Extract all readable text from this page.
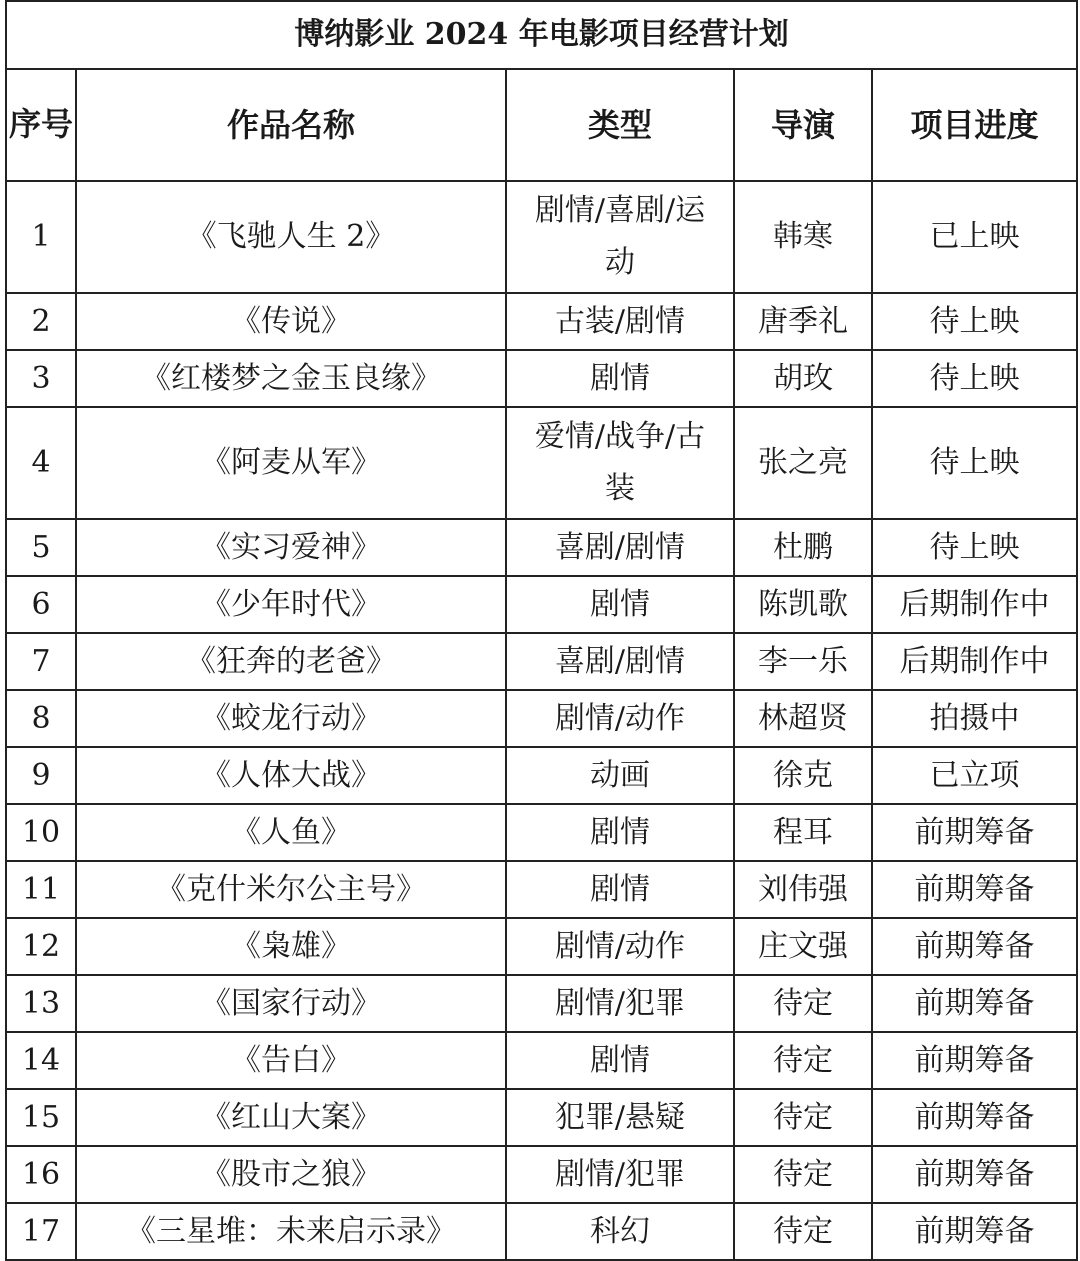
博纳影业 2024 年电影项目经营计划				
序号	作品名称	类型	导演	项目进度
1	《飞驰人生 2》	剧情/喜剧/运动	韩寒	已上映
2	《传说》	古装/剧情	唐季礼	待上映
3	《红楼梦之金玉良缘》	剧情	胡玫	待上映
4	《阿麦从军》	爱情/战争/古装	张之亮	待上映
5	《实习爱神》	喜剧/剧情	杜鹏	待上映
6	《少年时代》	剧情	陈凯歌	后期制作中
7	《狂奔的老爸》	喜剧/剧情	李一乐	后期制作中
8	《蛟龙行动》	剧情/动作	林超贤	拍摄中
9	《人体大战》	动画	徐克	已立项
10	《人鱼》	剧情	程耳	前期筹备
11	《克什米尔公主号》	剧情	刘伟强	前期筹备
12	《枭雄》	剧情/动作	庄文强	前期筹备
13	《国家行动》	剧情/犯罪	待定	前期筹备
14	《告白》	剧情	待定	前期筹备
15	《红山大案》	犯罪/悬疑	待定	前期筹备
16	《股市之狼》	剧情/犯罪	待定	前期筹备
17	《三星堆：未来启示录》	科幻	待定	前期筹备
